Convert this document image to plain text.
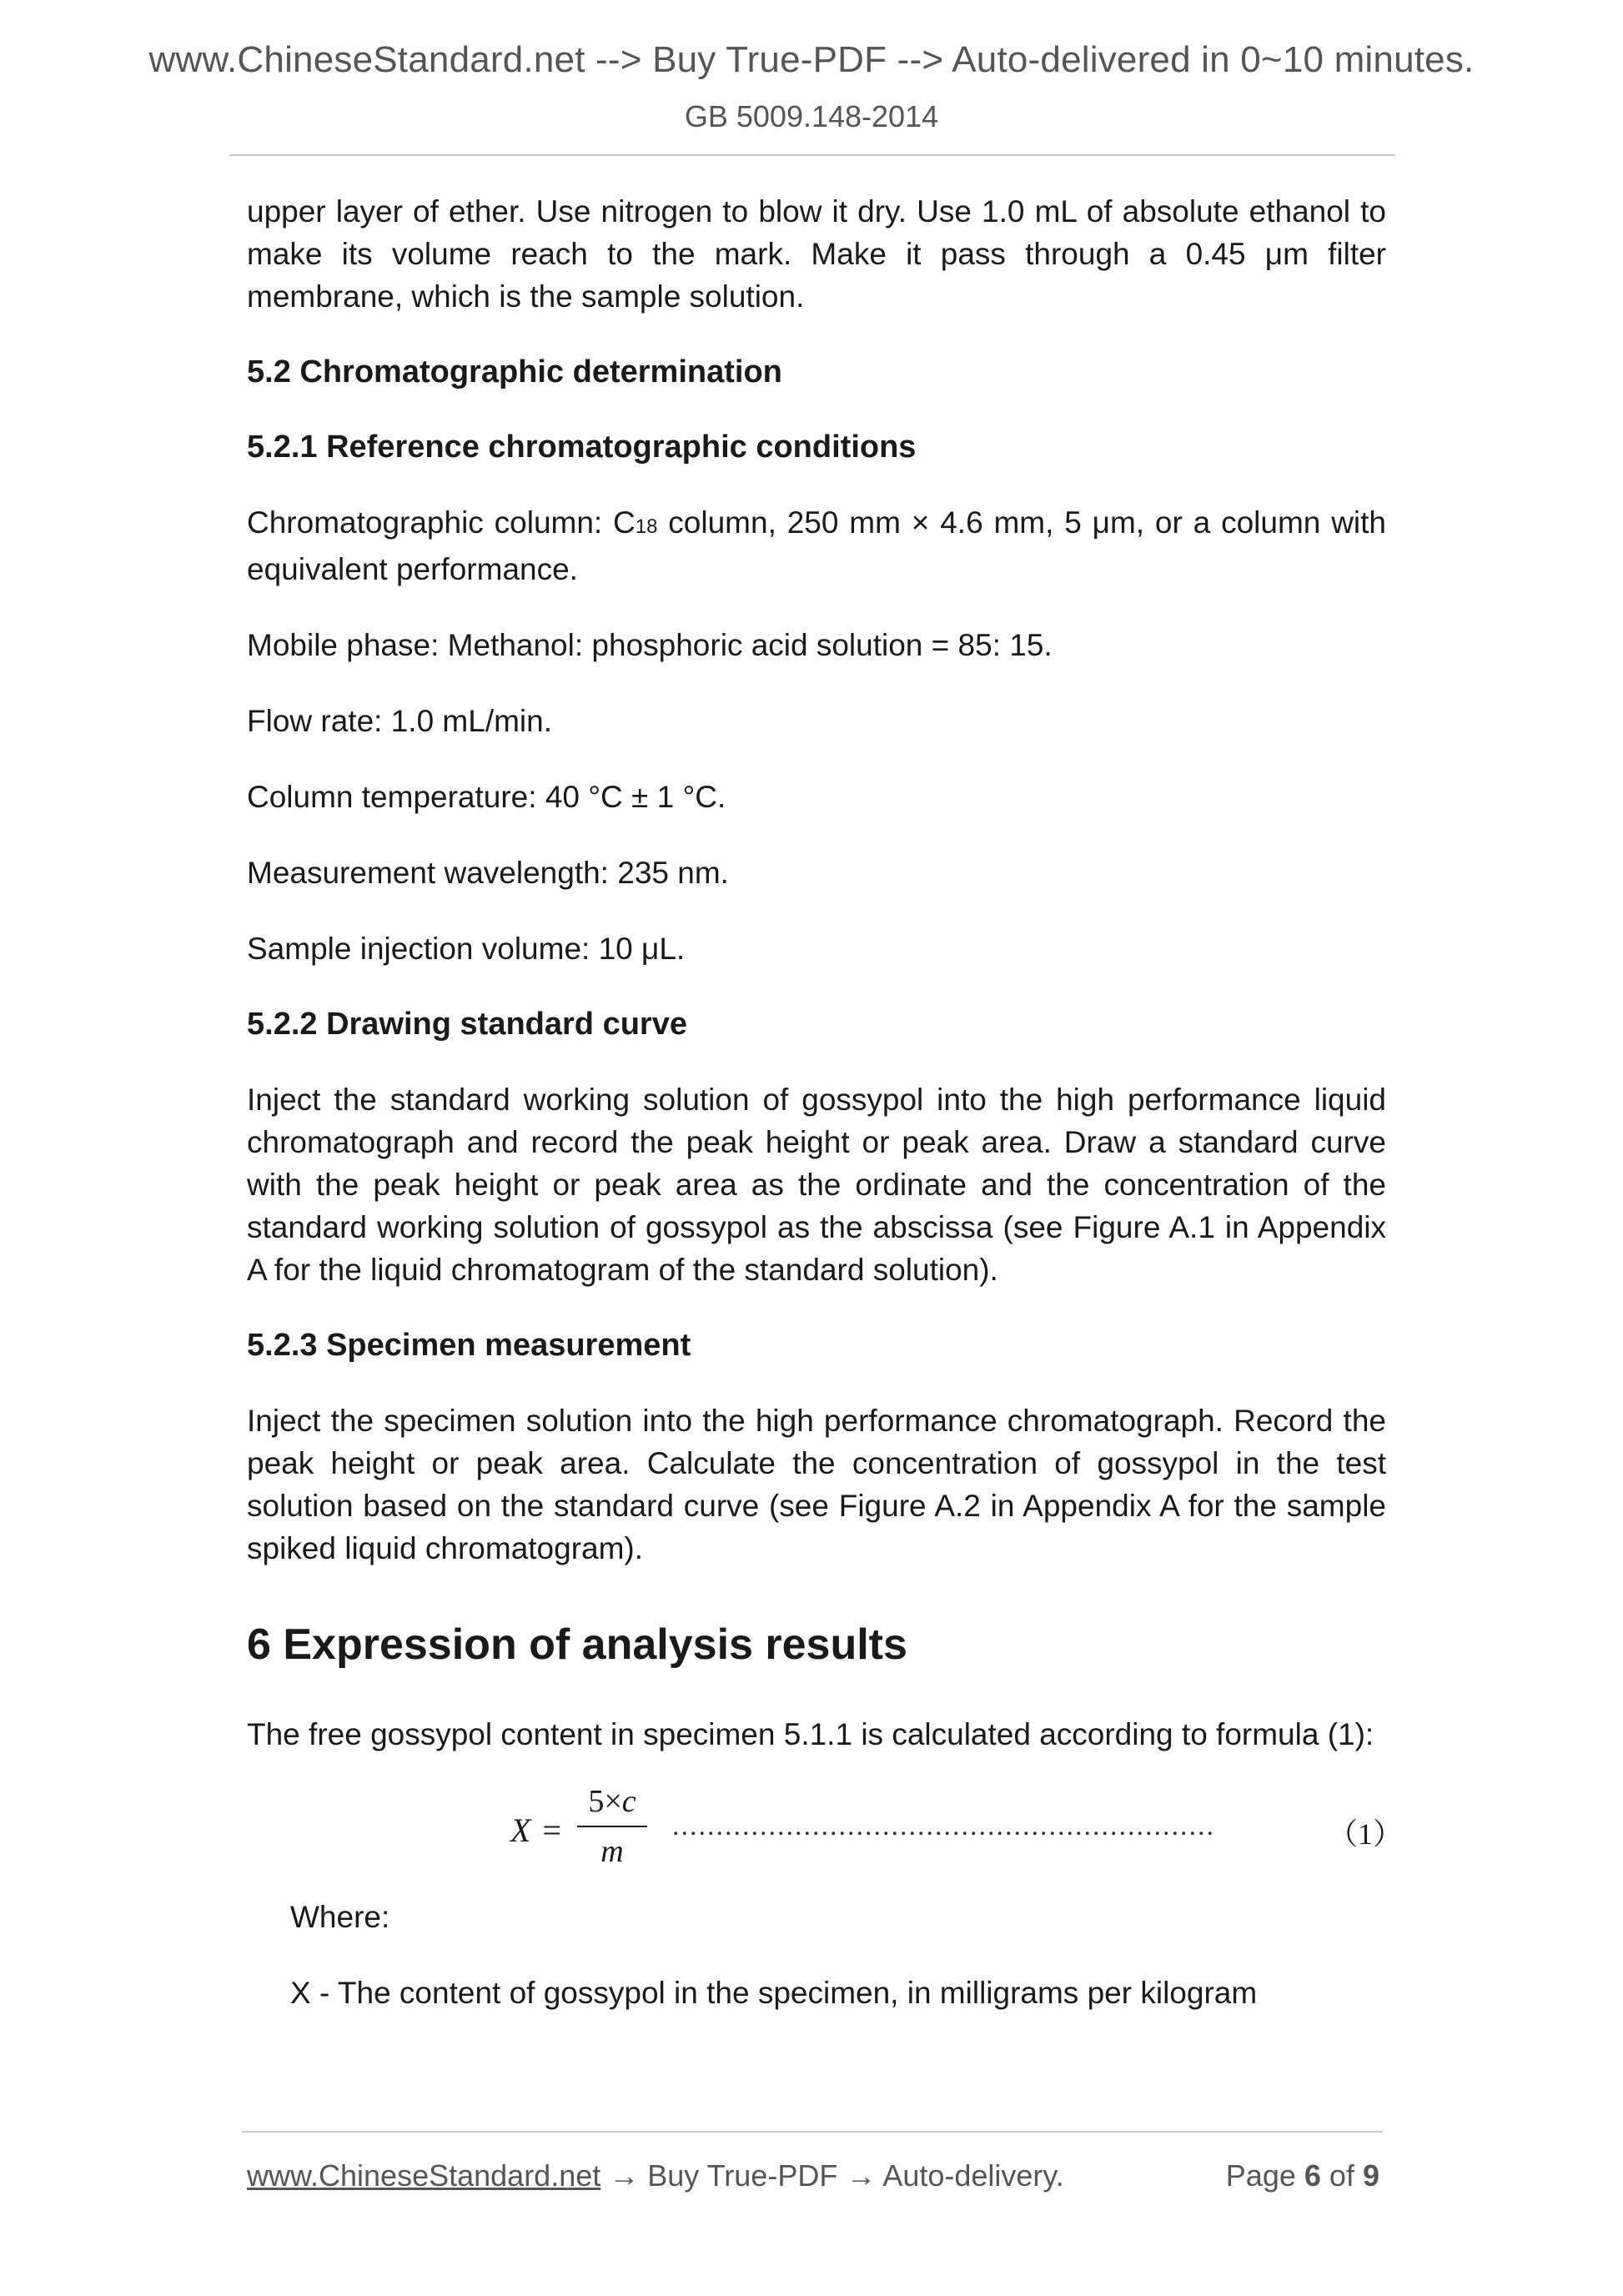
www.ChineseStandard.net --> Buy True-PDF --> Auto-delivered in 0~10 minutes.
GB 5009.148-2014

upper layer of ether. Use nitrogen to blow it dry. Use 1.0 mL of absolute ethanol to make its volume reach to the mark. Make it pass through a 0.45 μm filter membrane, which is the sample solution.

5.2 Chromatographic determination

5.2.1 Reference chromatographic conditions

Chromatographic column: C18 column, 250 mm × 4.6 mm, 5 μm, or a column with equivalent performance.

Mobile phase: Methanol: phosphoric acid solution = 85: 15.

Flow rate: 1.0 mL/min.

Column temperature: 40 °C ± 1 °C.

Measurement wavelength: 235 nm.

Sample injection volume: 10 μL.

5.2.2 Drawing standard curve

Inject the standard working solution of gossypol into the high performance liquid chromatograph and record the peak height or peak area. Draw a standard curve with the peak height or peak area as the ordinate and the concentration of the standard working solution of gossypol as the abscissa (see Figure A.1 in Appendix A for the liquid chromatogram of the standard solution).

5.2.3 Specimen measurement

Inject the specimen solution into the high performance chromatograph. Record the peak height or peak area. Calculate the concentration of gossypol in the test solution based on the standard curve (see Figure A.2 in Appendix A for the sample spiked liquid chromatogram).

6 Expression of analysis results

The free gossypol content in specimen 5.1.1 is calculated according to formula (1):

X =
5×c
m
..............................................................	（1）

Where:

X - The content of gossypol in the specimen, in milligrams per kilogram

www.ChineseStandard.net → Buy True-PDF → Auto-delivery.	Page 6 of 9
